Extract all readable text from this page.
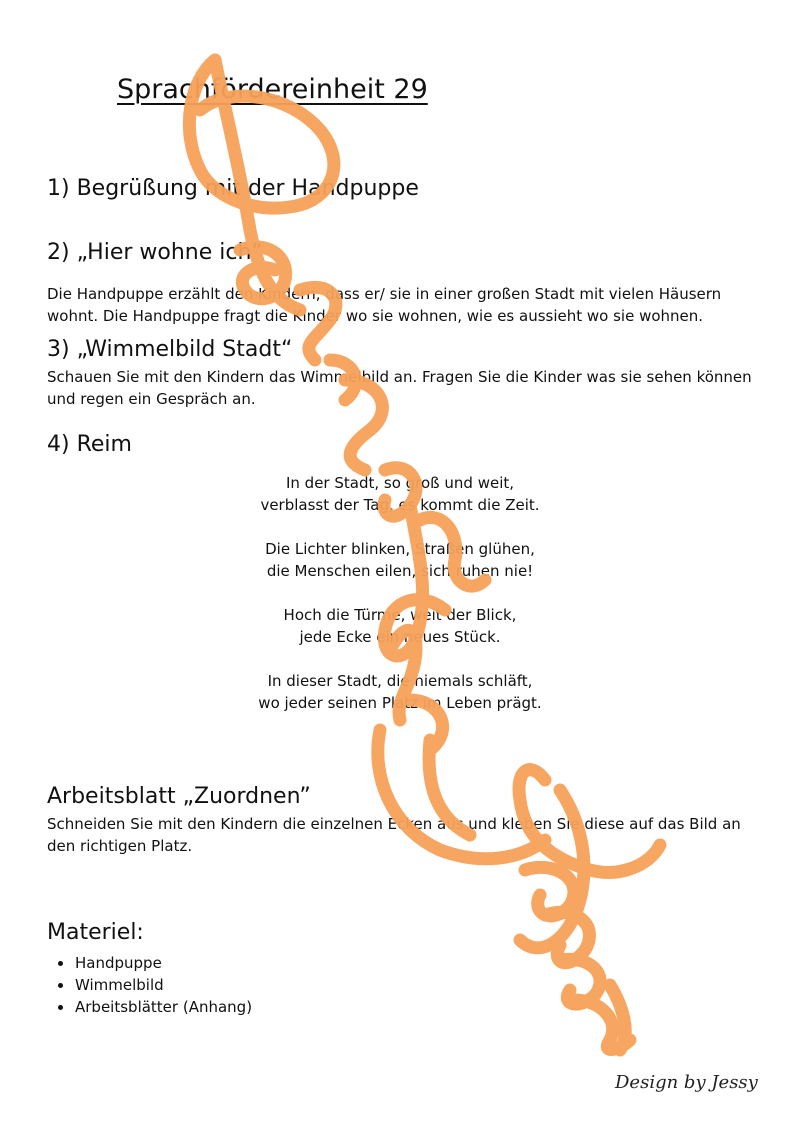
Sprachfördereinheit 29
1) Begrüßung mit der Handpuppe
2) „Hier wohne ich“

Die Handpuppe erzählt den Kindern, dass er/ sie in einer großen Stadt mit vielen Häusern wohnt. Die Handpuppe fragt die Kinder wo sie wohnen, wie es aussieht wo sie wohnen.

3) „Wimmelbild Stadt“

Schauen Sie mit den Kindern das Wimmelbild an. Fragen Sie die Kinder was sie sehen können und regen ein Gespräch an.

4) Reim
In der Stadt, so groß und weit,
verblasst der Tag, es kommt die Zeit.
Die Lichter blinken, Straßen glühen,
die Menschen eilen, sich ruhen nie!
Hoch die Türme, weit der Blick,
jede Ecke ein neues Stück.
In dieser Stadt, die niemals schläft,
wo jeder seinen Platz im Leben prägt.
Arbeitsblatt „Zuordnen”

Schneiden Sie mit den Kindern die einzelnen Ecken aus und kleben Sie diese auf das Bild an den richtigen Platz.

Materiel:
Handpuppe
Wimmelbild
Arbeitsblätter (Anhang)
Design by Jessy
